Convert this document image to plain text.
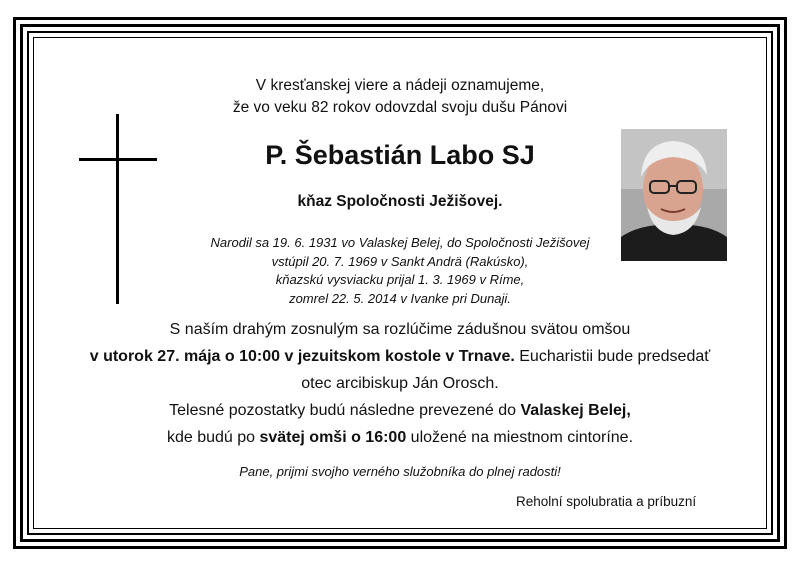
V kresťanskej viere a nádeji oznamujeme,
že vo veku 82 rokov odovzdal svoju dušu Pánovi
P. Šebastián Labo SJ
kňaz Spoločnosti Ježišovej.
Narodil sa 19. 6. 1931 vo Valaskej Belej, do Spoločnosti Ježišovej
vstúpil 20. 7. 1969 v Sankt Andrä (Rakúsko),
kňazskú vysviacku prijal 1. 3. 1969 v Ríme,
zomrel 22. 5. 2014 v Ivanke pri Dunaji.
S naším drahým zosnulým sa rozlúčime zádušnou svätou omšou
v utorok 27. mája o 10:00 v jezuitskom kostole v Trnave. Eucharistii bude predsedať
otec arcibiskup Ján Orosch.
Telesné pozostatky budú následne prevezené do Valaskej Belej,
kde budú po svätej omši o 16:00 uložené na miestnom cintoríne.
Pane, prijmi svojho verného služobníka do plnej radosti!
Reholní spolubratia a príbuzní
